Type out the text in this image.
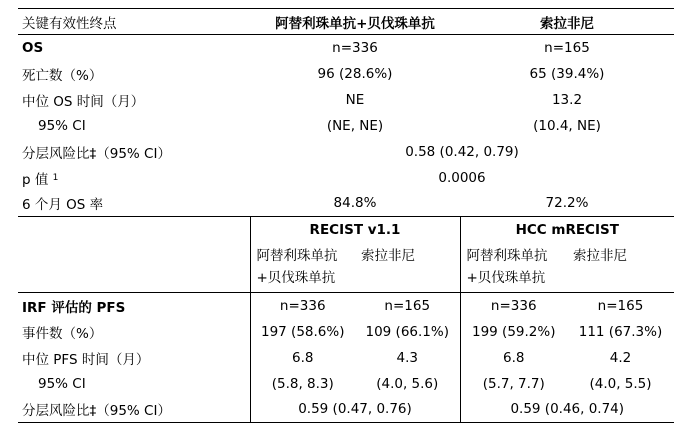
关键有效性终点	阿替利珠单抗+贝伐珠单抗		索拉非尼	
OS	n=336		n=165	
死亡数（%）	96 (28.6%)		65 (39.4%)	
中位 OS 时间（月）	NE		13.2	
95% CI	(NE, NE)		(10.4, NE)	
分层风险比‡（95% CI）	0.58 (0.42, 0.79)			
p 值 $^1$	0.0006			
6 个月 OS 率	84.8%		72.2%	
	RECIST v1.1		HCC mRECIST	
	阿替利珠单抗 +贝伐珠单抗	索拉非尼	阿替利珠单抗 +贝伐珠单抗	索拉非尼
IRF 评估的 PFS	n=336	n=165	n=336	n=165
事件数（%）	197 (58.6%)	109 (66.1%)	199 (59.2%)	111 (67.3%)
中位 PFS 时间（月）	6.8	4.3	6.8	4.2
95% CI	(5.8, 8.3)	(4.0, 5.6)	(5.7, 7.7)	(4.0, 5.5)
分层风险比‡（95% CI）	0.59 (0.47, 0.76)		0.59 (0.46, 0.74)	
